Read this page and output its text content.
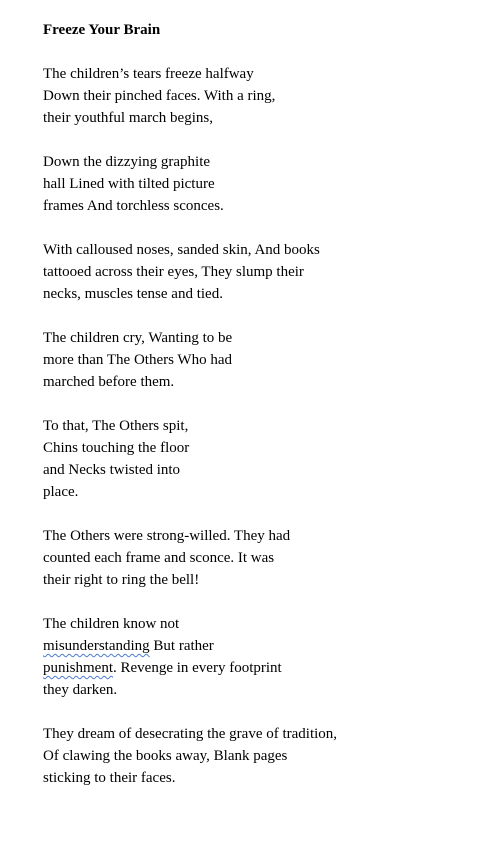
Freeze Your Brain
The children’s tears freeze halfway
Down their pinched faces. With a ring,
their youthful march begins,
Down the dizzying graphite
hall Lined with tilted picture
frames And torchless sconces.
With calloused noses, sanded skin, And books
tattooed across their eyes, They slump their
necks, muscles tense and tied.
The children cry, Wanting to be
more than The Others Who had
marched before them.
To that, The Others spit,
Chins touching the floor
and Necks twisted into
place.
The Others were strong-willed. They had
counted each frame and sconce. It was
their right to ring the bell!
The children know not
misunderstanding But rather
punishment. Revenge in every footprint
they darken.
They dream of desecrating the grave of tradition,
Of clawing the books away, Blank pages
sticking to their faces.
